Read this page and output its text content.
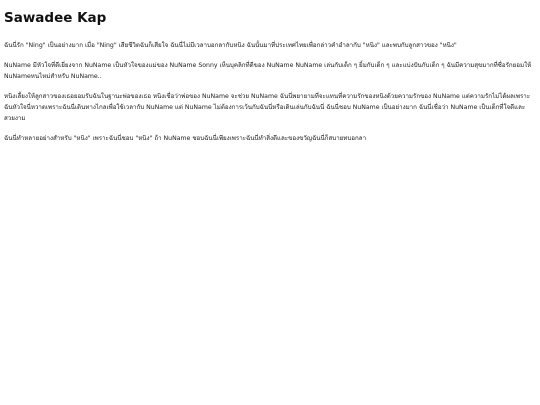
Sawadee Kap

ฉันนี่รัก "Ning" เป็นอย่างมาก เมื่อ "Ning" เสียชีวิตฉันก็เสียใจ ฉันนี่ไม่มีเวลาบอกลากับหนิง ฉันนั้นมาที่ประเทศไทยเพื่อกล่าวคำอำลากับ "หนิง" และพบกับลูกสาวของ "หนิง"

NuName มีหัวใจที่ดีเยี่ยงจาก NuName เป็นหัวใจของแม่ของ NuName Sonny เห็นบุคลิกที่ดีของ NuName NuName เล่นกับเด็ก ๆ ยิ้มกับเด็ก ๆ และแบ่งปันกับเด็ก ๆ ฉันมีความสุขมากที่ซื่อรักยอมให้ NuNameหนไหม่สำหรับ NuName..

หนิงเลี้ยงให้ลูกสาวของเธอยอมรับฉันในฐานะพ่อของเธอ หนิงเชื่อว่าพ่อของ NuName จะช่วย NuName ฉันนี่พยายามที่จะแทนที่ความรักของหนิงด้วยความรักของ NuName แต่ความรักไม่ได้ผลเพราะฉันหัวใจนี่หวาดเพราะฉันนี่เดินทางไกลเพื่อใช้เวลากับ NuName แต่ NuName ไม่ต้องการเว้นกับฉันนี่หรือเดินเล่นกับฉันนี่ ฉันนี่ชอบ NuName เป็นอย่างมาก ฉันนี่เชื่อว่า NuName เป็นเด็กที่ใจดีและสวยงาม

ฉันนี่ทำหลายอย่างสำหรับ "หนิง" เพราะฉันนี่ชอบ "หนิง" ถ้า NuName ชอบฉันนี่เพียงเพราะฉันนี่ทำสิ่งดีและของขวัญฉันนี่ก็สบายทบอกลา
